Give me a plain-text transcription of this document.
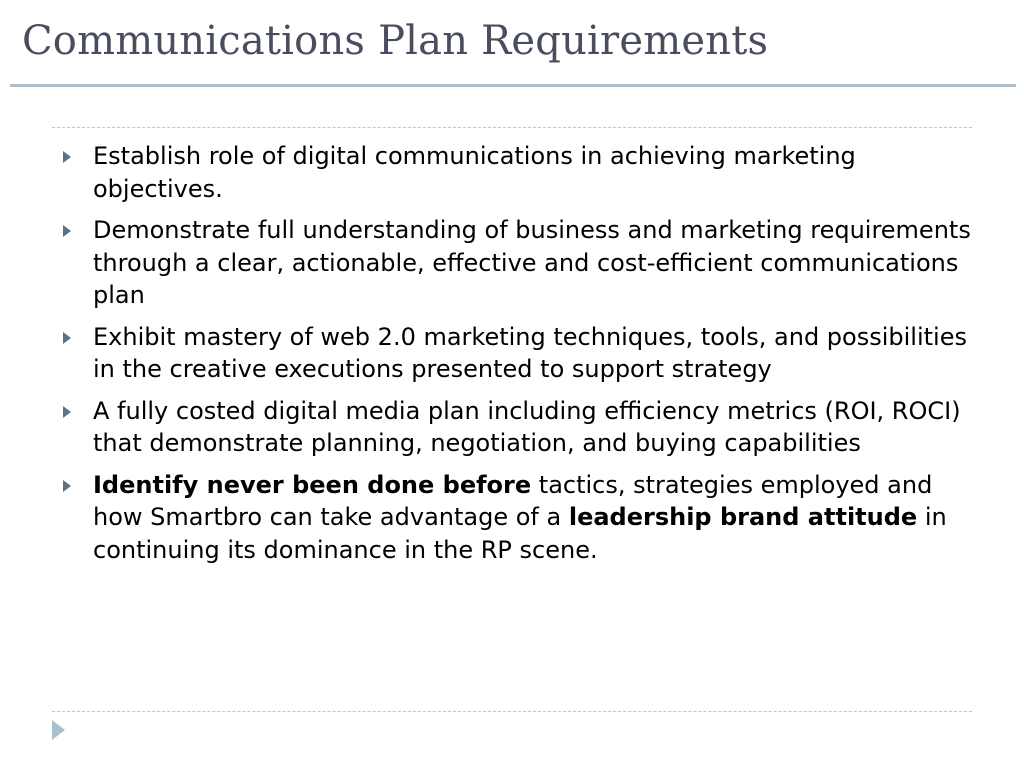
Communications Plan Requirements
Establish role of digital communications in achieving marketing objectives.
Demonstrate full understanding of business and marketing requirements through a clear, actionable, effective and cost-efficient communications plan
Exhibit mastery of web 2.0 marketing techniques, tools, and possibilities in the creative executions presented to support strategy
A fully costed digital media plan including efficiency metrics (ROI, ROCI) that demonstrate planning, negotiation, and buying capabilities
Identify never been done before tactics, strategies employed and how Smartbro can take advantage of a leadership brand attitude in continuing its dominance in the RP scene.
